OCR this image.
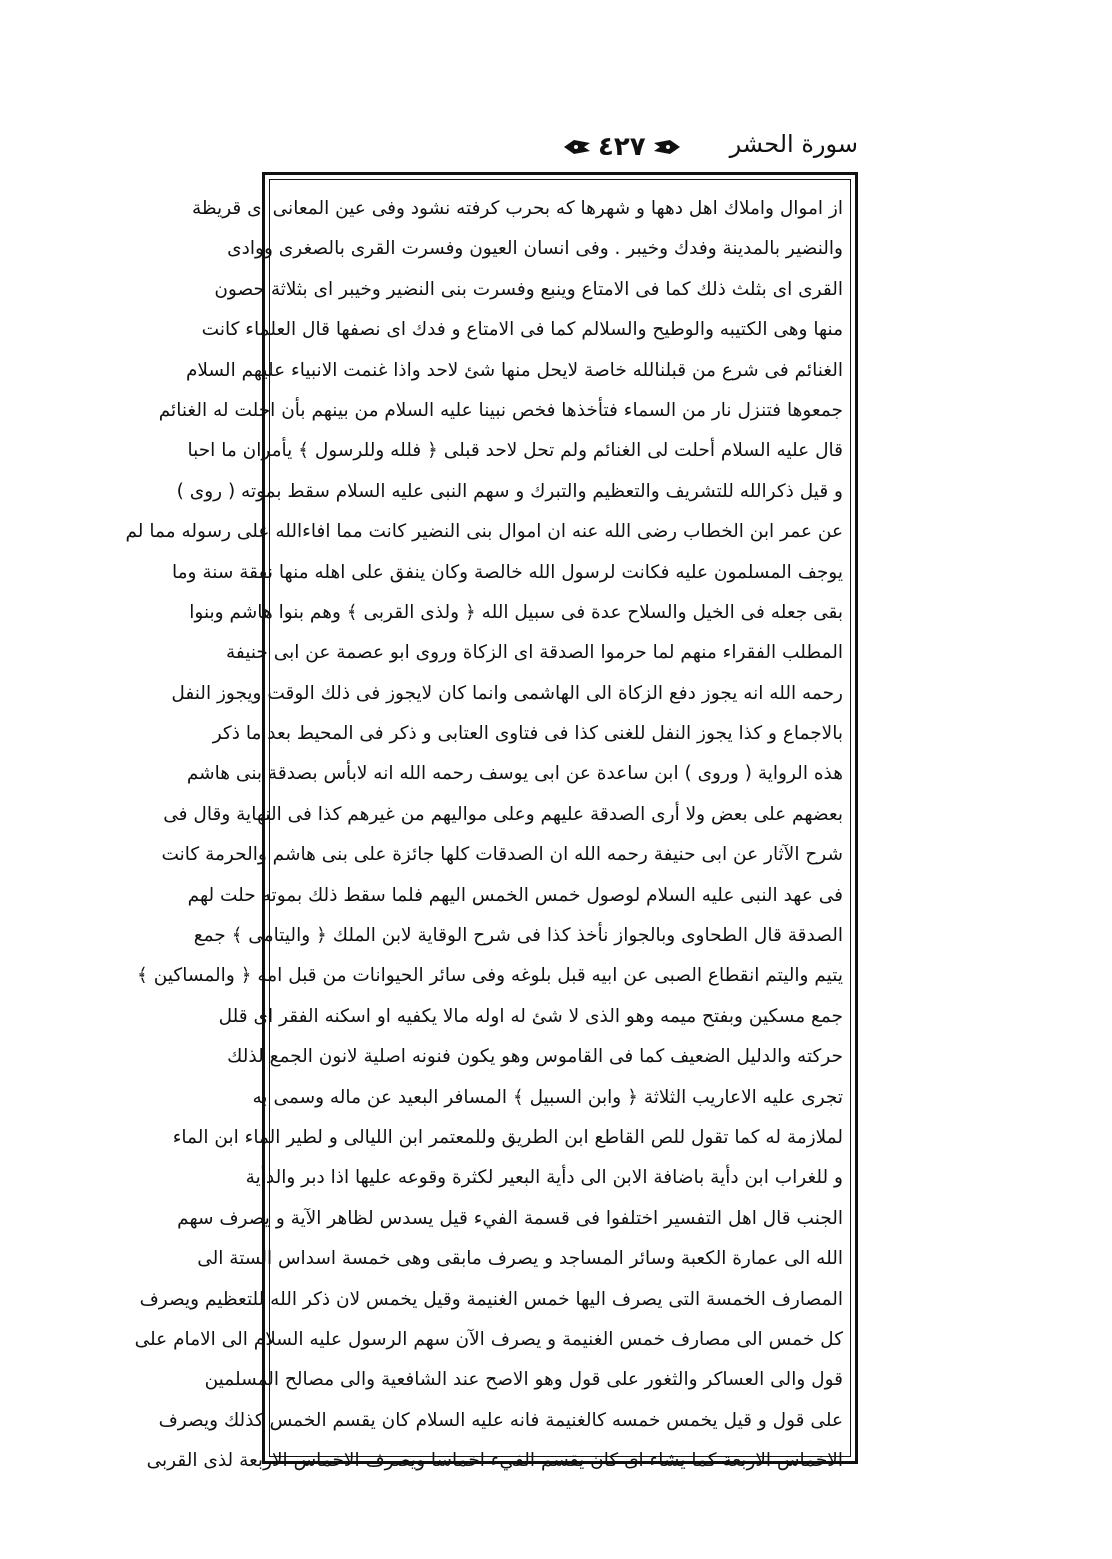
سورة الحشر
٤٢٧
از اموال واملاك اهل دهها و شهرها كه بحرب كرفته نشود وفى عين المعانى اى قريظة
والنضير بالمدينة وفدك وخيبر . وفى انسان العيون وفسرت القرى بالصغرى ووادى
القرى اى بثلث ذلك كما فى الامتاع وينبع وفسرت بنى النضير وخيبر اى بثلاثة حصون
منها وهى الكتيبه والوطيح والسلالم كما فى الامتاع و فدك اى نصفها قال العلماء كانت
الغنائم فى شرع من قبلنالله خاصة لايحل منها شئ لاحد واذا غنمت الانبياء عليهم السلام
جمعوها فتنزل نار من السماء فتأخذها فخص نبينا عليه السلام من بينهم بأن احلت له الغنائم
قال عليه السلام أحلت لى الغنائم ولم تحل لاحد قبلى ﴿ فلله وللرسول ﴾ يأمران ما احبا
و قيل ذكرالله للتشريف والتعظيم والتبرك و سهم النبى عليه السلام سقط بموته ( روى )
عن عمر ابن الخطاب رضى الله عنه ان اموال بنى النضير كانت مما افاءالله على رسوله مما لم
يوجف المسلمون عليه فكانت لرسول الله خالصة وكان ينفق على اهله منها نفقة سنة وما
بقى جعله فى الخيل والسلاح عدة فى سبيل الله ﴿ ولذى القربى ﴾ وهم بنوا هاشم وبنوا
المطلب الفقراء منهم لما حرموا الصدقة اى الزكاة وروى ابو عصمة عن ابى حنيفة
رحمه الله انه يجوز دفع الزكاة الى الهاشمى وانما كان لايجوز فى ذلك الوقت ويجوز النفل
بالاجماع و كذا يجوز النفل للغنى كذا فى فتاوى العتابى و ذكر فى المحيط بعد ما ذكر
هذه الرواية ( وروى ) ابن ساعدة عن ابى يوسف رحمه الله انه لابأس بصدقة بنى هاشم
بعضهم على بعض ولا أرى الصدقة عليهم وعلى مواليهم من غيرهم كذا فى النهاية وقال فى
شرح الآثار عن ابى حنيفة رحمه الله ان الصدقات كلها جائزة على بنى هاشم والحرمة كانت
فى عهد النبى عليه السلام لوصول خمس الخمس اليهم فلما سقط ذلك بموته حلت لهم
الصدقة قال الطحاوى وبالجواز نأخذ كذا فى شرح الوقاية لابن الملك ﴿ واليتامى ﴾ جمع
يتيم واليتم انقطاع الصبى عن ابيه قبل بلوغه وفى سائر الحيوانات من قبل امه ﴿ والمساكين ﴾
جمع مسكين وبفتح ميمه وهو الذى لا شئ له اوله مالا يكفيه او اسكنه الفقر اى قلل
حركته والدليل الضعيف كما فى القاموس وهو يكون فنونه اصلية لانون الجمع لذلك
تجرى عليه الاعاريب الثلاثة ﴿ وابن السبيل ﴾ المسافر البعيد عن ماله وسمى به
لملازمة له كما تقول للص القاطع ابن الطريق وللمعتمر ابن الليالى و لطير الماء ابن الماء
و للغراب ابن دأية باضافة الابن الى دأية البعير لكثرة وقوعه عليها اذا دبر والدأية
الجنب قال اهل التفسير اختلفوا فى قسمة الفيء قيل يسدس لظاهر الآية و يصرف سهم
الله الى عمارة الكعبة وسائر المساجد و يصرف مابقى وهى خمسة اسداس الستة الى
المصارف الخمسة التى يصرف اليها خمس الغنيمة وقيل يخمس لان ذكر الله للتعظيم ويصرف
كل خمس الى مصارف خمس الغنيمة و يصرف الآن سهم الرسول عليه السلام الى الامام على
قول والى العساكر والثغور على قول وهو الاصح عند الشافعية والى مصالح المسلمين
على قول و قيل يخمس خمسه كالغنيمة فانه عليه السلام كان يقسم الخمس كذلك ويصرف
الاخماس الاربعة كما يشاء اى كان يقسم الفيء اخماسا ويصرف الاخماس الاربعة لذى القربى
